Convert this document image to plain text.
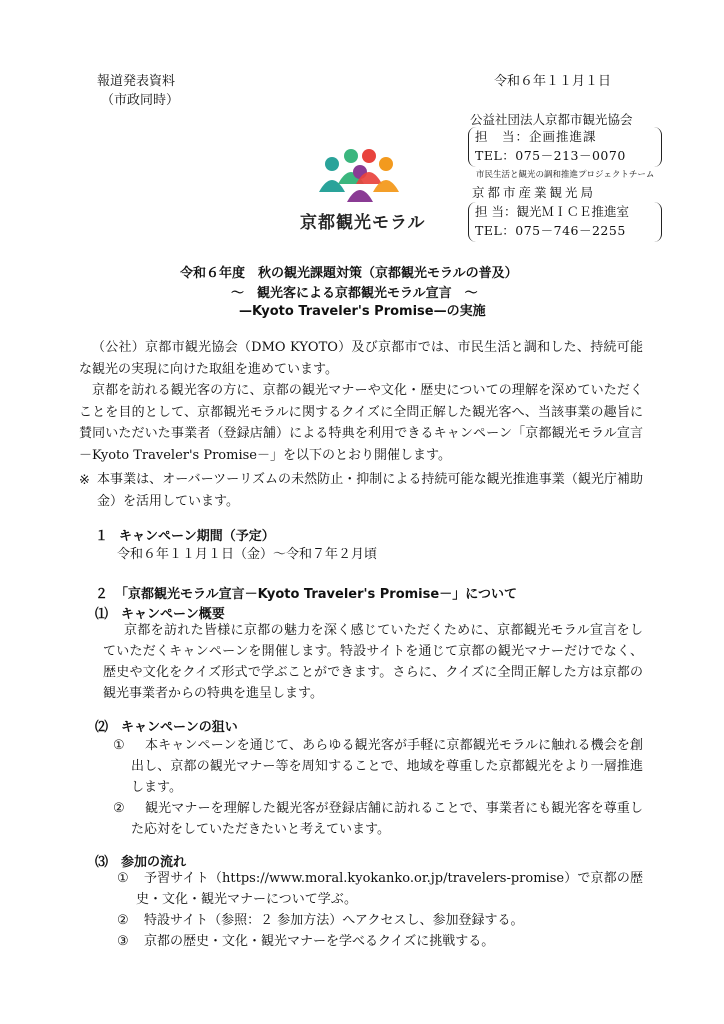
報道発表資料
（市政同時）
令和６年１１月１日
公益社団法人京都市観光協会
担　当：企画推進課
TEL：075－213－0070
市民生活と観光の調和推進プロジェクトチーム
京都市産業観光局
担 当：観光ＭＩＣＥ推進室
TEL：075－746－2255
京都観光モラル
令和６年度　秋の観光課題対策（京都観光モラルの普及）
～　観光客による京都観光モラル宣言　～
—Kyoto Traveler's Promise—の実施

（公社）京都市観光協会（DMO KYOTO）及び京都市では、市民生活と調和した、持続可能な観光の実現に向けた取組を進めています。

京都を訪れる観光客の方に、京都の観光マナーや文化・歴史についての理解を深めていただくことを目的として、京都観光モラルに関するクイズに全問正解した観光客へ、当該事業の趣旨に賛同いただいた事業者（登録店舗）による特典を利用できるキャンペーン「京都観光モラル宣言－Kyoto Traveler's Promise－」を以下のとおり開催します。

※ 本事業は、オーバーツーリズムの未然防止・抑制による持続可能な観光推進事業（観光庁補助金）を活用しています。
１ キャンペーン期間（予定）
令和６年１１月１日（金）～令和７年２月頃
２ 「京都観光モラル宣言－Kyoto Traveler's Promise－」について
⑴ キャンペーン概要
京都を訪れた皆様に京都の魅力を深く感じていただくために、京都観光モラル宣言をしていただくキャンペーンを開催します。特設サイトを通じて京都の観光マナーだけでなく、歴史や文化をクイズ形式で学ぶことができます。さらに、クイズに全問正解した方は京都の観光事業者からの特典を進呈します。
⑵ キャンペーンの狙い
①	本キャンペーンを通じて、あらゆる観光客が手軽に京都観光モラルに触れる機会を創出し、京都の観光マナー等を周知することで、地域を尊重した京都観光をより一層推進します。
②	観光マナーを理解した観光客が登録店舗に訪れることで、事業者にも観光客を尊重した応対をしていただきたいと考えています。
⑶ 参加の流れ
①	予習サイト（https://www.moral.kyokanko.or.jp/travelers-promise）で京都の歴史・文化・観光マナーについて学ぶ。
②	特設サイト（参照：２ 参加方法）へアクセスし、参加登録する。
③	京都の歴史・文化・観光マナーを学べるクイズに挑戦する。
